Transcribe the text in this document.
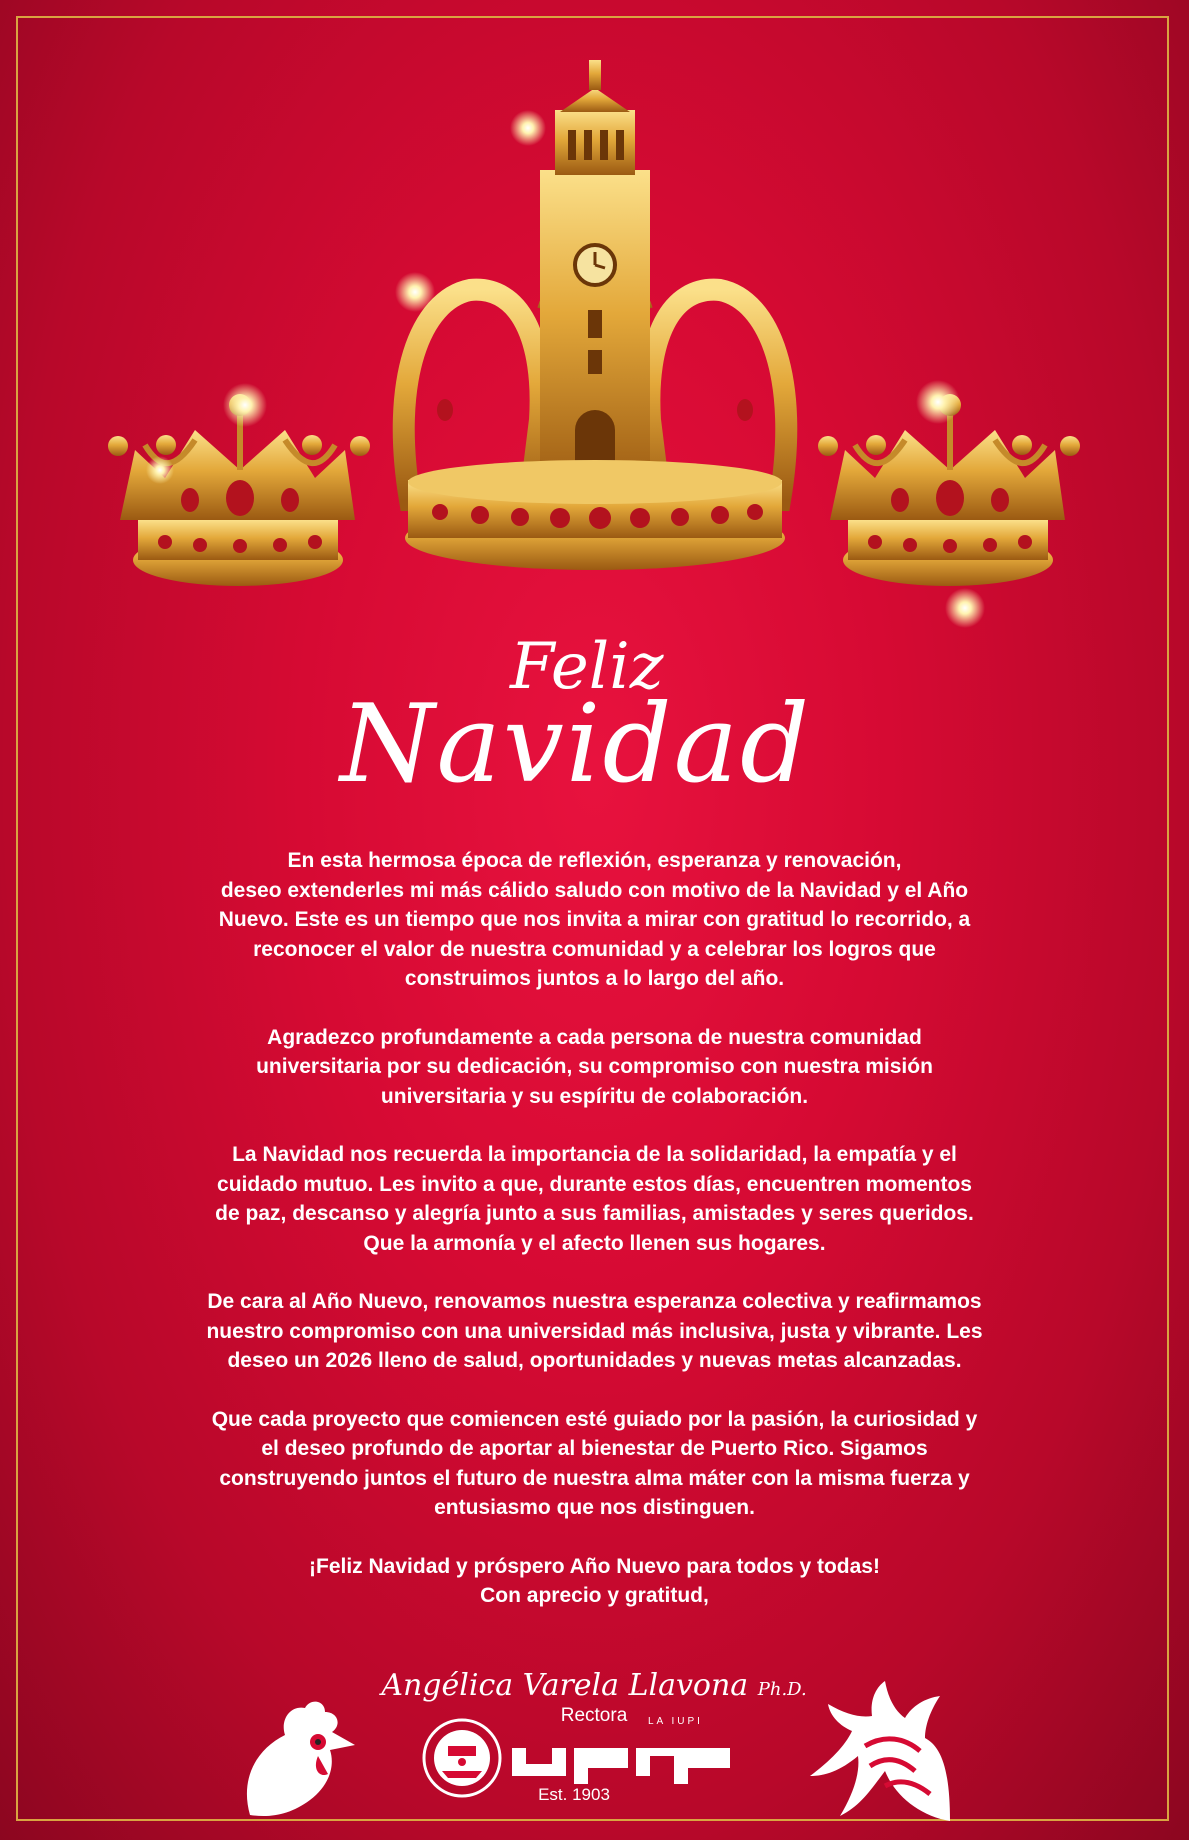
Feliz
Navidad

En esta hermosa época de reflexión, esperanza y renovación,
deseo extenderles mi más cálido saludo con motivo de la Navidad y el Año
Nuevo. Este es un tiempo que nos invita a mirar con gratitud lo recorrido, a
reconocer el valor de nuestra comunidad y a celebrar los logros que
construimos juntos a lo largo del año.

Agradezco profundamente a cada persona de nuestra comunidad
universitaria por su dedicación, su compromiso con nuestra misión
universitaria y su espíritu de colaboración.

La Navidad nos recuerda la importancia de la solidaridad, la empatía y el
cuidado mutuo. Les invito a que, durante estos días, encuentren momentos
de paz, descanso y alegría junto a sus familias, amistades y seres queridos.
Que la armonía y el afecto llenen sus hogares.

De cara al Año Nuevo, renovamos nuestra esperanza colectiva y reafirmamos
nuestro compromiso con una universidad más inclusiva, justa y vibrante. Les
deseo un 2026 lleno de salud, oportunidades y nuevas metas alcanzadas.

Que cada proyecto que comiencen esté guiado por la pasión, la curiosidad y
el deseo profundo de aportar al bienestar de Puerto Rico. Sigamos
construyendo juntos el futuro de nuestra alma máter con la misma fuerza y
entusiasmo que nos distinguen.

¡Feliz Navidad y próspero Año Nuevo para todos y todas!
Con aprecio y gratitud,

Angélica Varela Llavona Ph.D.
Rectora	LA IUPI
Est. 1903
